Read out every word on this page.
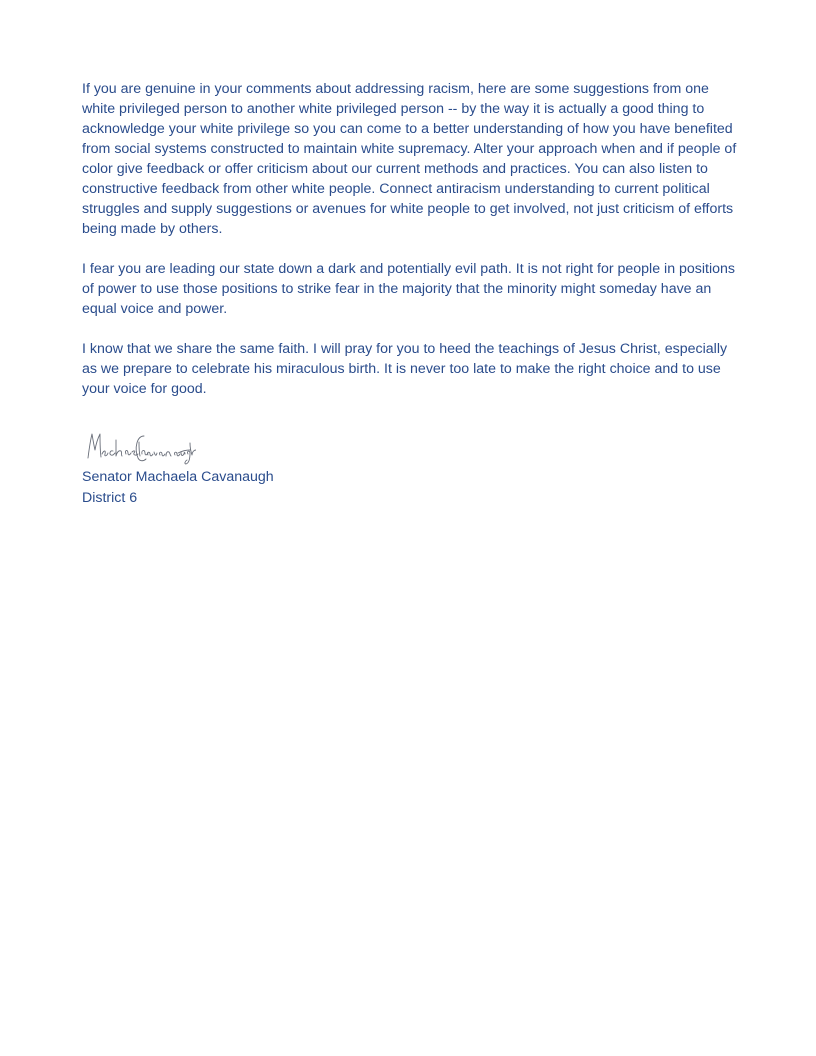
If you are genuine in your comments about addressing racism, here are some suggestions from one white privileged person to another white privileged person -- by the way it is actually a good thing to acknowledge your white privilege so you can come to a better understanding of how you have benefited from social systems constructed to maintain white supremacy. Alter your approach when and if people of color give feedback or offer criticism about our current methods and practices. You can also listen to constructive feedback from other white people. Connect antiracism understanding to current political struggles and supply suggestions or avenues for white people to get involved, not just criticism of efforts being made by others.

I fear you are leading our state down a dark and potentially evil path. It is not right for people in positions of power to use those positions to strike fear in the majority that the minority might someday have an equal voice and power.

I know that we share the same faith. I will pray for you to heed the teachings of Jesus Christ, especially as we prepare to celebrate his miraculous birth. It is never too late to make the right choice and to use your voice for good.

Senator Machaela Cavanaugh
District 6
